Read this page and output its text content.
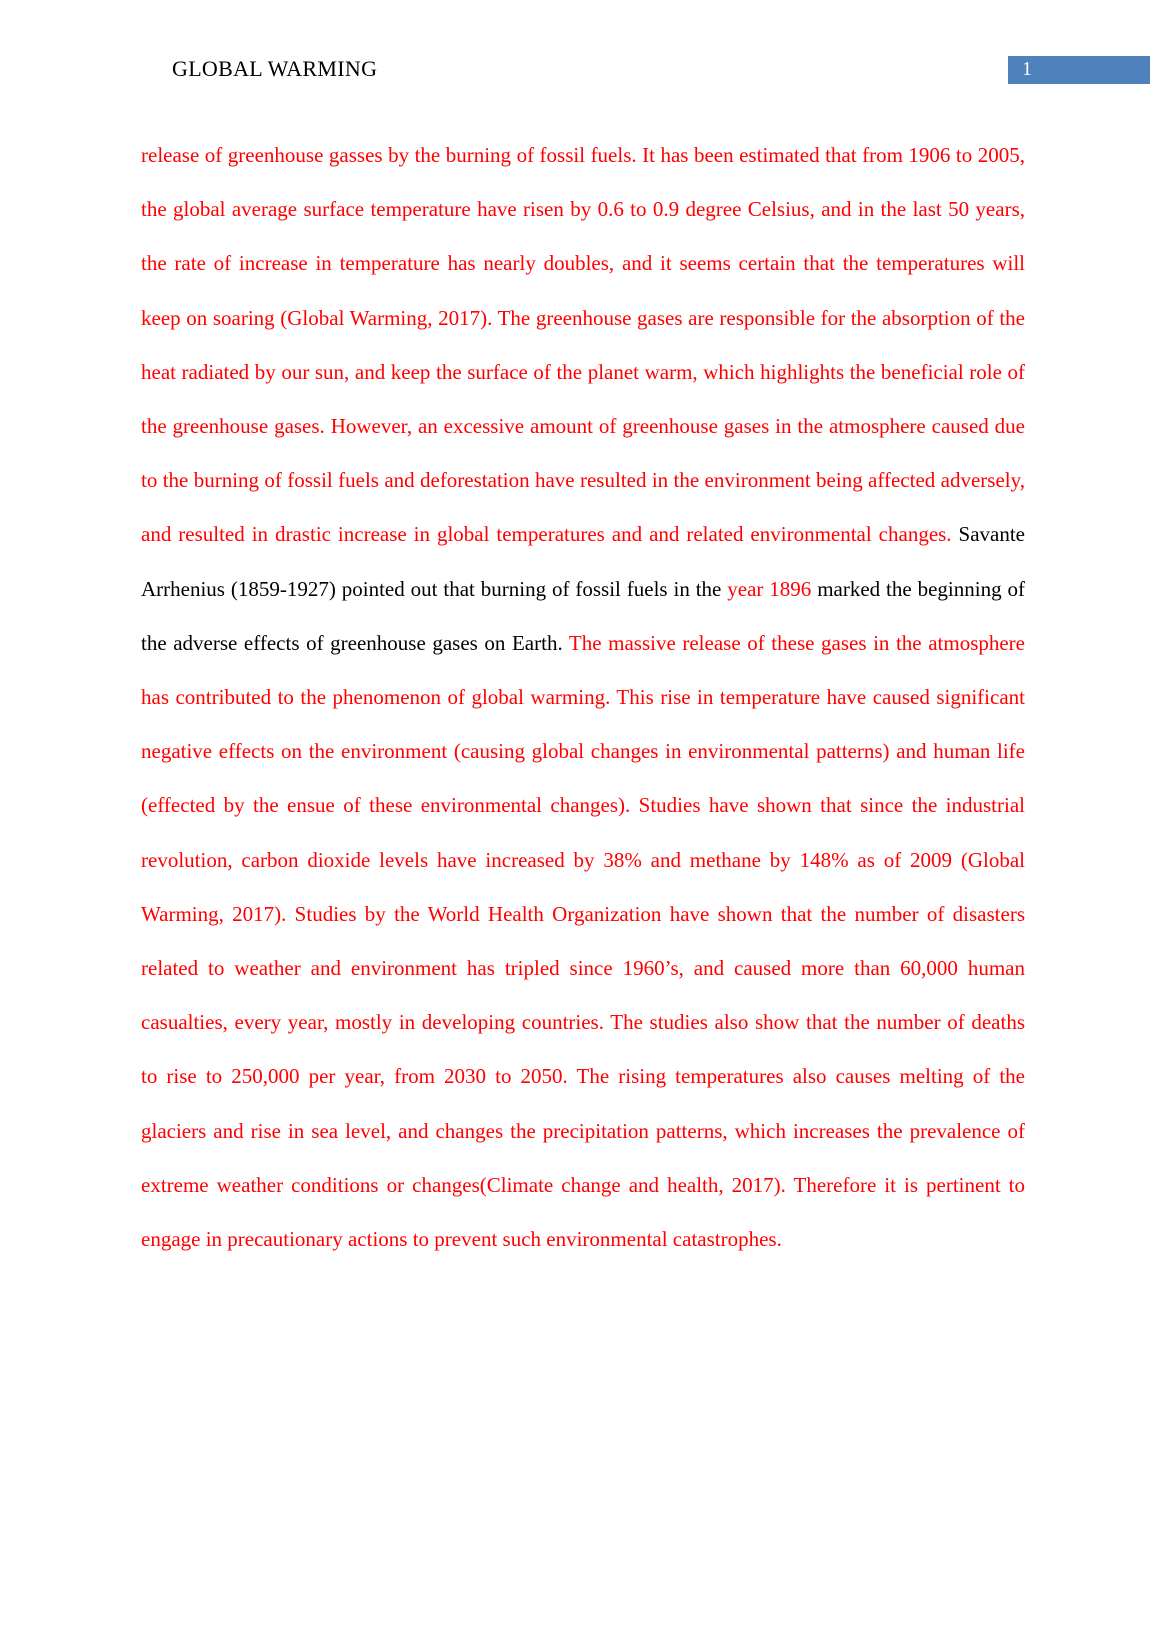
GLOBAL WARMING	1

release of greenhouse gasses by the burning of fossil fuels. It has been estimated that from 1906 to 2005, the global average surface temperature have risen by 0.6 to 0.9 degree Celsius, and in the last 50 years, the rate of increase in temperature has nearly doubles, and it seems certain that the temperatures will keep on soaring (Global Warming, 2017). The greenhouse gases are responsible for the absorption of the heat radiated by our sun, and keep the surface of the planet warm, which highlights the beneficial role of the greenhouse gases. However, an excessive amount of greenhouse gases in the atmosphere caused due to the burning of fossil fuels and deforestation have resulted in the environment being affected adversely, and resulted in drastic increase in global temperatures and and related environmental changes. Savante Arrhenius (1859-1927) pointed out that burning of fossil fuels in the year 1896 marked the beginning of the adverse effects of greenhouse gases on Earth. The massive release of these gases in the atmosphere has contributed to the phenomenon of global warming. This rise in temperature have caused significant negative effects on the environment (causing global changes in environmental patterns) and human life (effected by the ensue of these environmental changes). Studies have shown that since the industrial revolution, carbon dioxide levels have increased by 38% and methane by 148% as of 2009 (Global Warming, 2017). Studies by the World Health Organization have shown that the number of disasters related to weather and environment has tripled since 1960’s, and caused more than 60,000 human casualties, every year, mostly in developing countries. The studies also show that the number of deaths to rise to 250,000 per year, from 2030 to 2050. The rising temperatures also causes melting of the glaciers and rise in sea level, and changes the precipitation patterns, which increases the prevalence of extreme weather conditions or changes(Climate change and health, 2017). Therefore it is pertinent to engage in precautionary actions to prevent such environmental catastrophes.
